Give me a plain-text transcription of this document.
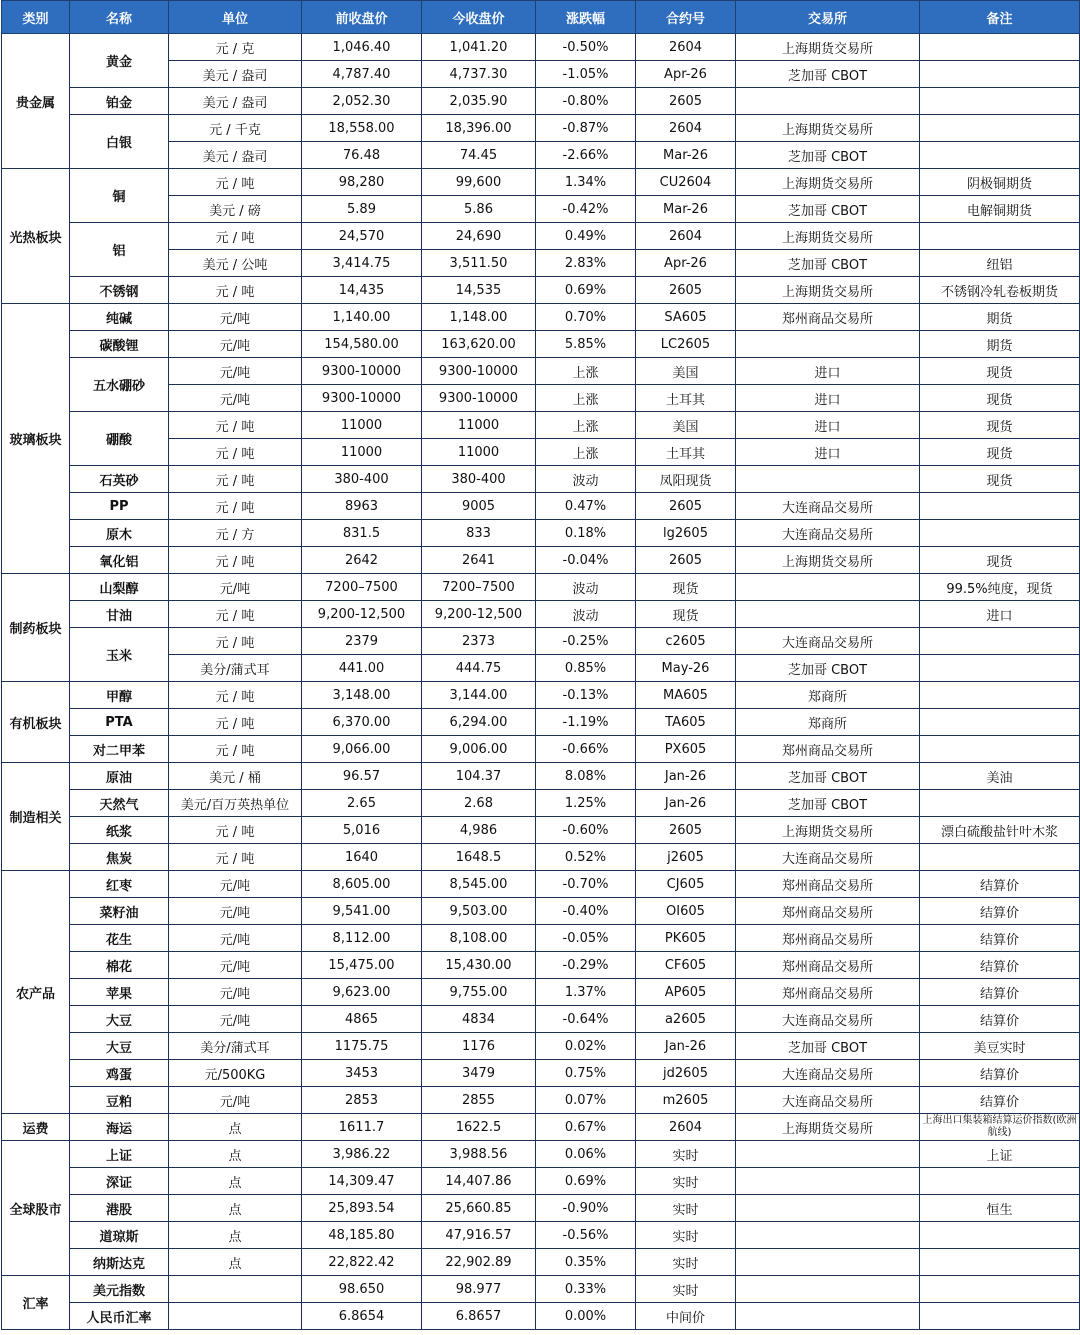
类别	名称	单位	前收盘价	今收盘价	涨跌幅	合约号	交易所	备注
贵金属	黄金	元 / 克	1,046.40	1,041.20	-0.50%	2604	上海期货交易所	
		美元 / 盎司	4,787.40	4,737.30	-1.05%	Apr-26	芝加哥 CBOT	
	铂金	美元 / 盎司	2,052.30	2,035.90	-0.80%	2605		
	白银	元 / 千克	18,558.00	18,396.00	-0.87%	2604	上海期货交易所	
		美元 / 盎司	76.48	74.45	-2.66%	Mar-26	芝加哥 CBOT	
光热板块	铜	元 / 吨	98,280	99,600	1.34%	CU2604	上海期货交易所	阴极铜期货
		美元 / 磅	5.89	5.86	-0.42%	Mar-26	芝加哥 CBOT	电解铜期货
	铝	元 / 吨	24,570	24,690	0.49%	2604	上海期货交易所	
		美元 / 公吨	3,414.75	3,511.50	2.83%	Apr-26	芝加哥 CBOT	纽铝
	不锈钢	元 / 吨	14,435	14,535	0.69%	2605	上海期货交易所	不锈钢冷轧卷板期货
玻璃板块	纯碱	元/吨	1,140.00	1,148.00	0.70%	SA605	郑州商品交易所	期货
	碳酸锂	元/吨	154,580.00	163,620.00	5.85%	LC2605		期货
	五水硼砂	元/吨	9300-10000	9300-10000	上涨	美国	进口	现货
		元/吨	9300-10000	9300-10000	上涨	土耳其	进口	现货
	硼酸	元 / 吨	11000	11000	上涨	美国	进口	现货
		元 / 吨	11000	11000	上涨	土耳其	进口	现货
	石英砂	元 / 吨	380-400	380-400	波动	凤阳现货		现货
	PP	元 / 吨	8963	9005	0.47%	2605	大连商品交易所	
	原木	元 / 方	831.5	833	0.18%	lg2605	大连商品交易所	
	氧化铝	元 / 吨	2642	2641	-0.04%	2605	上海期货交易所	现货
制药板块	山梨醇	元/吨	7200–7500	7200–7500	波动	现货		99.5%纯度，现货
	甘油	元 / 吨	9,200-12,500	9,200-12,500	波动	现货		进口
	玉米	元 / 吨	2379	2373	-0.25%	c2605	大连商品交易所	
		美分/蒲式耳	441.00	444.75	0.85%	May-26	芝加哥 CBOT	
有机板块	甲醇	元 / 吨	3,148.00	3,144.00	-0.13%	MA605	郑商所	
	PTA	元 / 吨	6,370.00	6,294.00	-1.19%	TA605	郑商所	
	对二甲苯	元 / 吨	9,066.00	9,006.00	-0.66%	PX605	郑州商品交易所	
制造相关	原油	美元 / 桶	96.57	104.37	8.08%	Jan-26	芝加哥 CBOT	美油
	天然气	美元/百万英热单位	2.65	2.68	1.25%	Jan-26	芝加哥 CBOT	
	纸浆	元 / 吨	5,016	4,986	-0.60%	2605	上海期货交易所	漂白硫酸盐针叶木浆
	焦炭	元 / 吨	1640	1648.5	0.52%	j2605	大连商品交易所	
农产品	红枣	元/吨	8,605.00	8,545.00	-0.70%	CJ605	郑州商品交易所	结算价
	菜籽油	元/吨	9,541.00	9,503.00	-0.40%	OI605	郑州商品交易所	结算价
	花生	元/吨	8,112.00	8,108.00	-0.05%	PK605	郑州商品交易所	结算价
	棉花	元/吨	15,475.00	15,430.00	-0.29%	CF605	郑州商品交易所	结算价
	苹果	元/吨	9,623.00	9,755.00	1.37%	AP605	郑州商品交易所	结算价
	大豆	元/吨	4865	4834	-0.64%	a2605	大连商品交易所	结算价
	大豆	美分/蒲式耳	1175.75	1176	0.02%	Jan-26	芝加哥 CBOT	美豆实时
	鸡蛋	元/500KG	3453	3479	0.75%	jd2605	大连商品交易所	结算价
	豆粕	元/吨	2853	2855	0.07%	m2605	大连商品交易所	结算价
运费	海运	点	1611.7	1622.5	0.67%	2604	上海期货交易所	上海出口集装箱结算运价指数(欧洲航线)
全球股市	上证	点	3,986.22	3,988.56	0.06%	实时		上证
	深证	点	14,309.47	14,407.86	0.69%	实时		
	港股	点	25,893.54	25,660.85	-0.90%	实时		恒生
	道琼斯	点	48,185.80	47,916.57	-0.56%	实时		
	纳斯达克	点	22,822.42	22,902.89	0.35%	实时		
汇率	美元指数		98.650	98.977	0.33%	实时		
	人民币汇率		6.8654	6.8657	0.00%	中间价		
